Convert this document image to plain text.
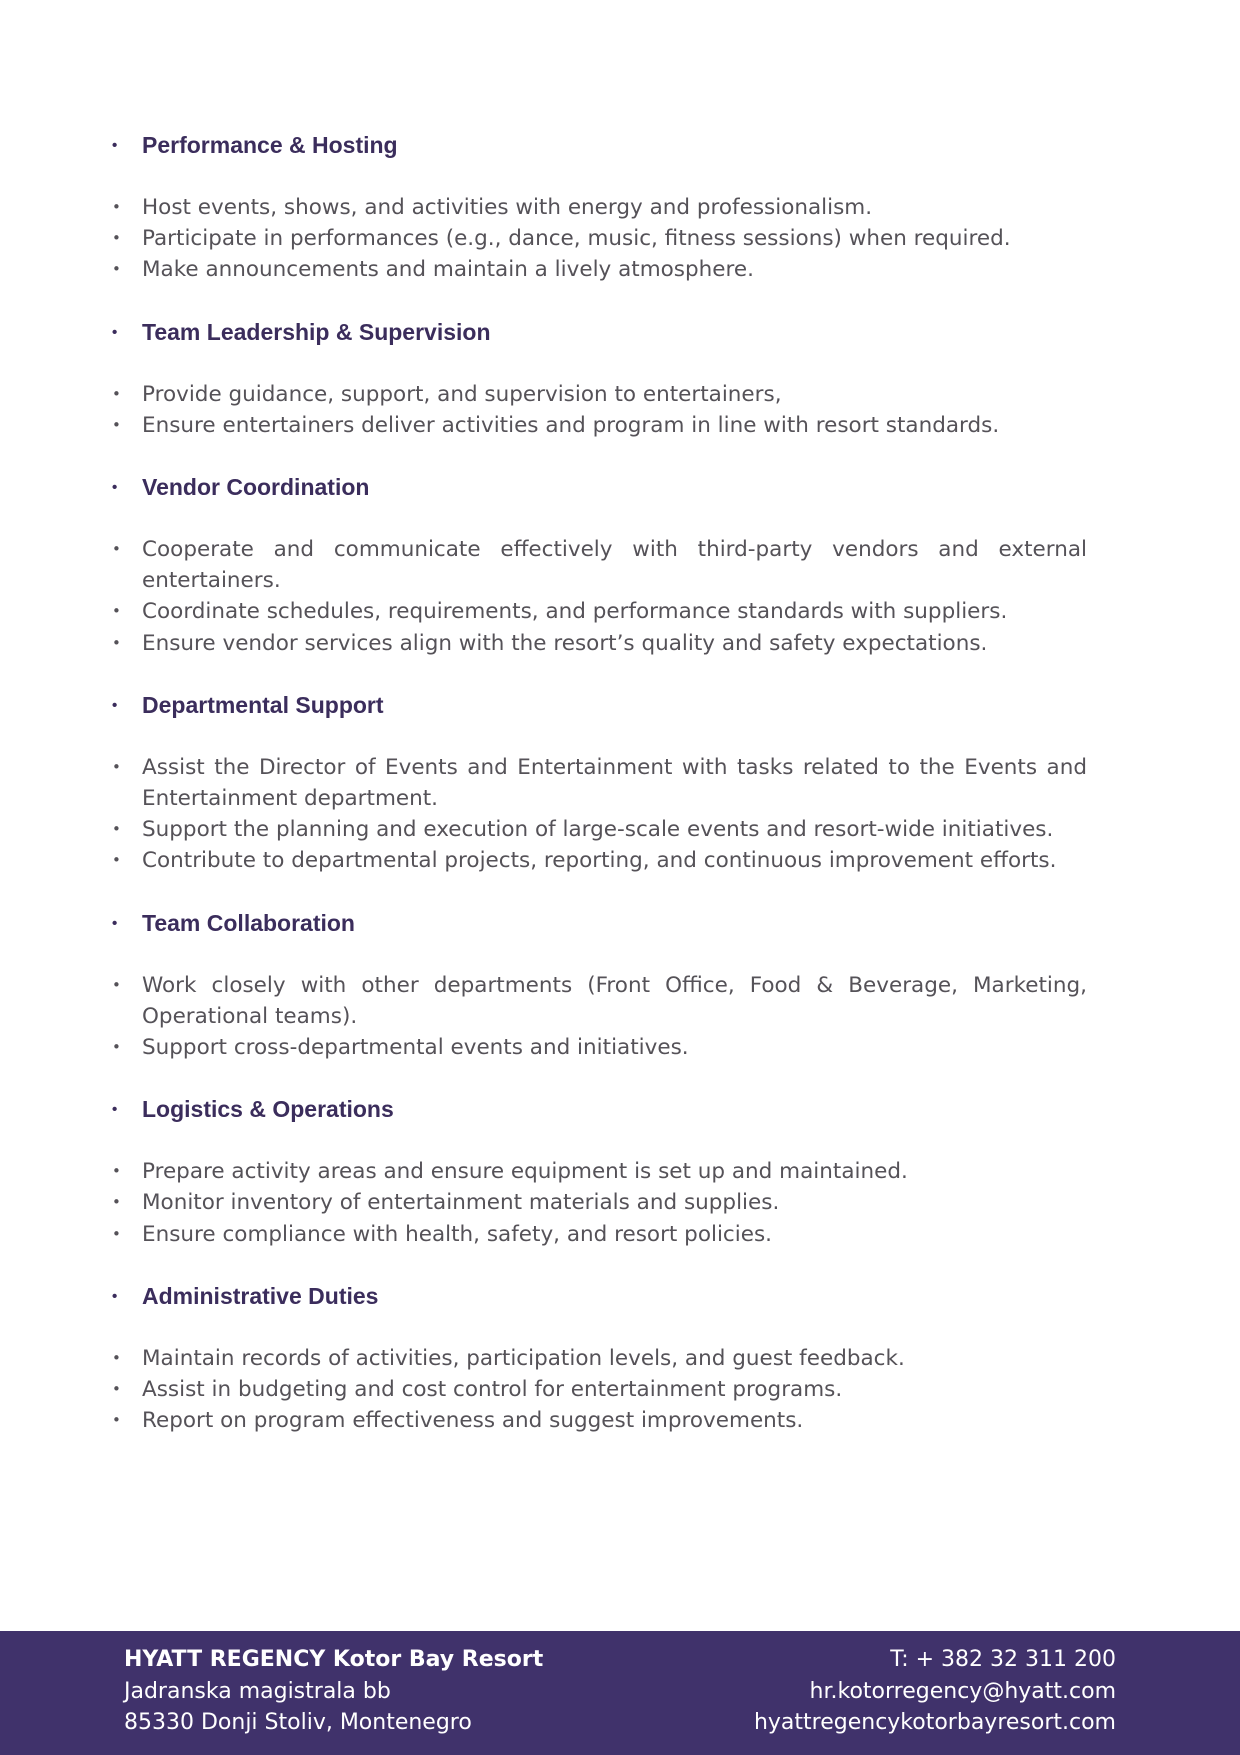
•	Performance & Hosting
• Host events, shows, and activities with energy and professionalism.
• Participate in performances (e.g., dance, music, fitness sessions) when required.
• Make announcements and maintain a lively atmosphere.
•	Team Leadership & Supervision
• Provide guidance, support, and supervision to entertainers,
• Ensure entertainers deliver activities and program in line with resort standards.
•	Vendor Coordination
• Cooperate and communicate effectively with third-party vendors and external entertainers.
• Coordinate schedules, requirements, and performance standards with suppliers.
• Ensure vendor services align with the resort’s quality and safety expectations.
•	Departmental Support
• Assist the Director of Events and Entertainment with tasks related to the Events and Entertainment department.
• Support the planning and execution of large-scale events and resort-wide initiatives.
• Contribute to departmental projects, reporting, and continuous improvement efforts.
•	Team Collaboration
• Work closely with other departments (Front Office, Food & Beverage, Marketing, Operational teams).
• Support cross-departmental events and initiatives.
•	Logistics & Operations
• Prepare activity areas and ensure equipment is set up and maintained.
• Monitor inventory of entertainment materials and supplies.
• Ensure compliance with health, safety, and resort policies.
•	Administrative Duties
• Maintain records of activities, participation levels, and guest feedback.
• Assist in budgeting and cost control for entertainment programs.
• Report on program effectiveness and suggest improvements.
HYATT REGENCY Kotor Bay Resort
Jadranska magistrala bb
85330 Donji Stoliv, Montenegro
T: + 382 32 311 200
hr.kotorregency@hyatt.com
hyattregencykotorbayresort.com
